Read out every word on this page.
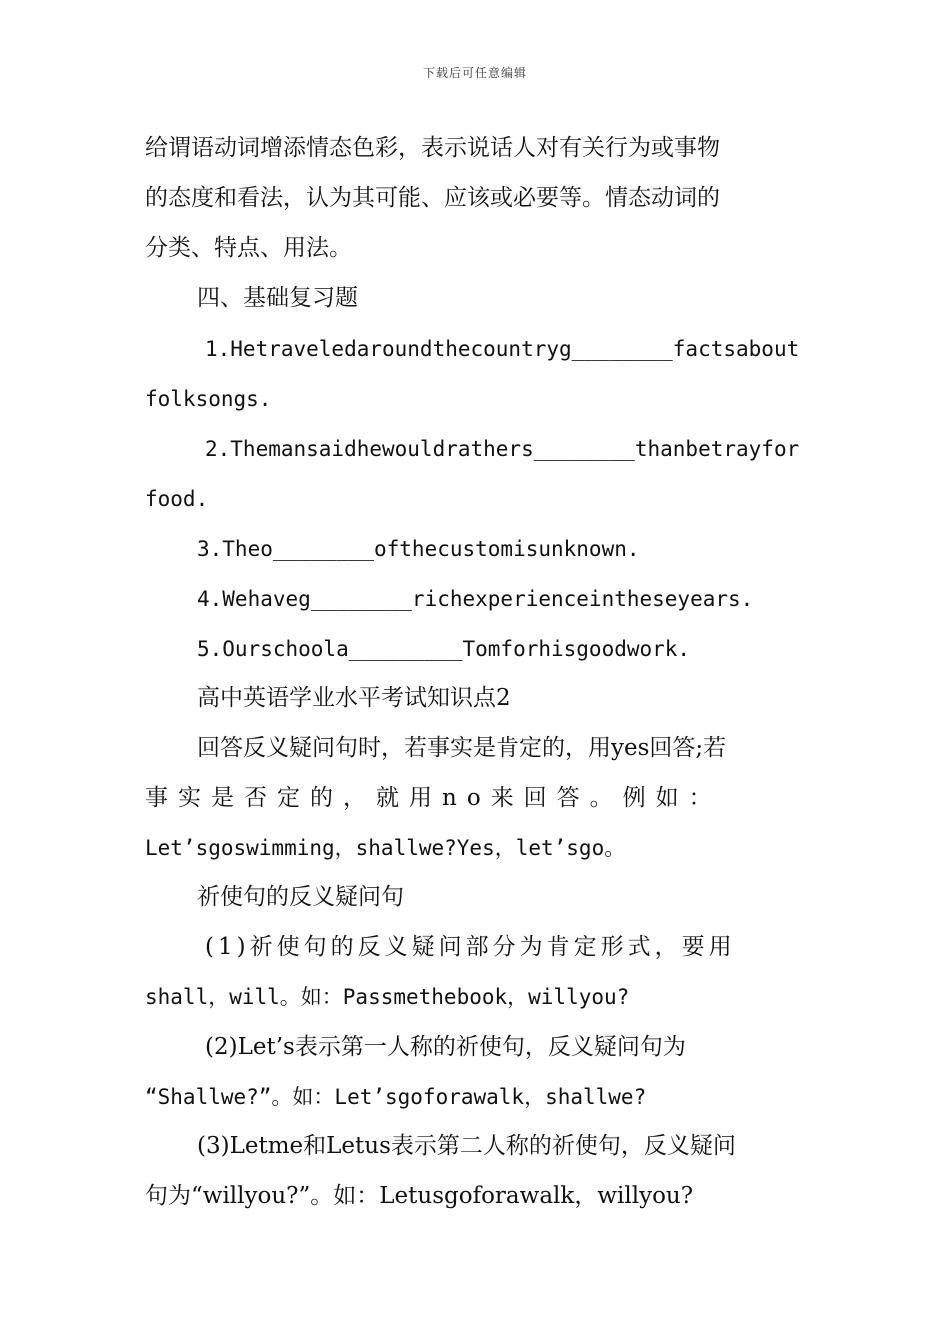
下载后可任意编辑
给谓语动词增添情态色彩，表示说话人对有关行为或事物
的态度和看法，认为其可能、应该或必要等。情态动词的
分类、特点、用法。
四、基础复习题
1.Hetraveledaroundthecountryg________factsabout
folksongs.
2.Themansaidhewouldrathers________thanbetrayfor
food.
3.Theo________ofthecustomisunknown.
4.Wehaveg________richexperienceintheseyears.
5.Ourschoola_________Tomforhisgoodwork.
高中英语学业水平考试知识点2
回答反义疑问句时，若事实是肯定的，用yes回答;若
事实是否定的，就用no来回答。例如：
Let’sgoswimming，shallwe?Yes，let’sgo。
祈使句的反义疑问句
(1)祈使句的反义疑问部分为肯定形式，要用
shall，will。如：Passmethebook，willyou?
(2)Let’s表示第一人称的祈使句，反义疑问句为
“Shallwe?”。如：Let’sgoforawalk，shallwe?
(3)Letme和Letus表示第二人称的祈使句，反义疑问
句为“willyou?”。如：Letusgoforawalk，willyou?
